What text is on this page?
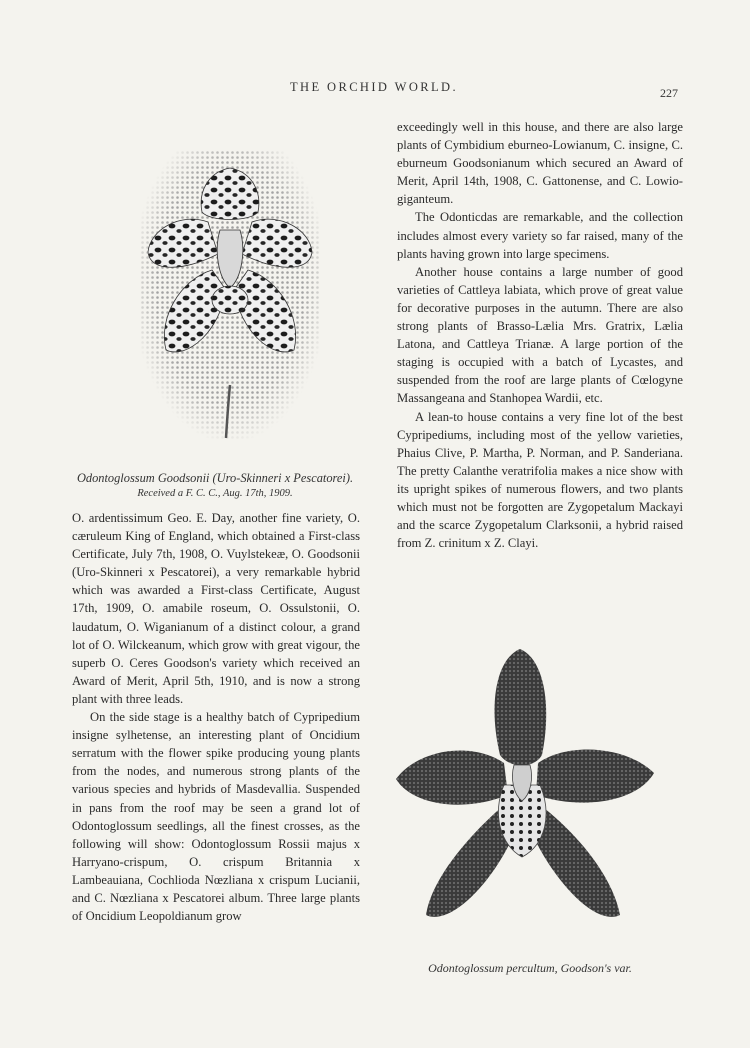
THE ORCHID WORLD.	227
Odontoglossum Goodsonii (Uro-Skinneri x Pescatorei).
Received a F. C. C., Aug. 17th, 1909.

O. ardentissimum Geo. E. Day, another fine variety, O. cæruleum King of England, which obtained a First-class Certificate, July 7th, 1908, O. Vuylstekeæ, O. Goodsonii (Uro-Skinneri x Pescatorei), a very remarkable hybrid which was awarded a First-class Certificate, August 17th, 1909, O. amabile roseum, O. Ossulstonii, O. laudatum, O. Wiganianum of a distinct colour, a grand lot of O. Wilckeanum, which grow with great vigour, the superb O. Ceres Goodson's variety which received an Award of Merit, April 5th, 1910, and is now a strong plant with three leads.

On the side stage is a healthy batch of Cypripedium insigne sylhetense, an interesting plant of Oncidium serratum with the flower spike producing young plants from the nodes, and numerous strong plants of the various species and hybrids of Masdevallia. Suspended in pans from the roof may be seen a grand lot of Odontoglossum seedlings, all the finest crosses, as the following will show: Odontoglossum Rossii majus x Harryano-crispum, O. crispum Britannia x Lambeauiana, Cochlioda Nœzliana x crispum Lucianii, and C. Nœzliana x Pescatorei album. Three large plants of Oncidium Leopoldianum grow

exceedingly well in this house, and there are also large plants of Cymbidium eburneo-Lowianum, C. insigne, C. eburneum Goodsonianum which secured an Award of Merit, April 14th, 1908, C. Gattonense, and C. Lowio-giganteum.

The Odonticdas are remarkable, and the collection includes almost every variety so far raised, many of the plants having grown into large specimens.

Another house contains a large number of good varieties of Cattleya labiata, which prove of great value for decorative purposes in the autumn. There are also strong plants of Brasso-Lælia Mrs. Gratrix, Lælia Latona, and Cattleya Trianæ. A large portion of the staging is occupied with a batch of Lycastes, and suspended from the roof are large plants of Cœlogyne Massangeana and Stanhopea Wardii, etc.

A lean-to house contains a very fine lot of the best Cypripediums, including most of the yellow varieties, Phaius Clive, P. Martha, P. Norman, and P. Sanderiana. The pretty Calanthe veratrifolia makes a nice show with its upright spikes of numerous flowers, and two plants which must not be forgotten are Zygopetalum Mackayi and the scarce Zygopetalum Clarksonii, a hybrid raised from Z. crinitum x Z. Clayi.

Odontoglossum percultum, Goodson's var.
